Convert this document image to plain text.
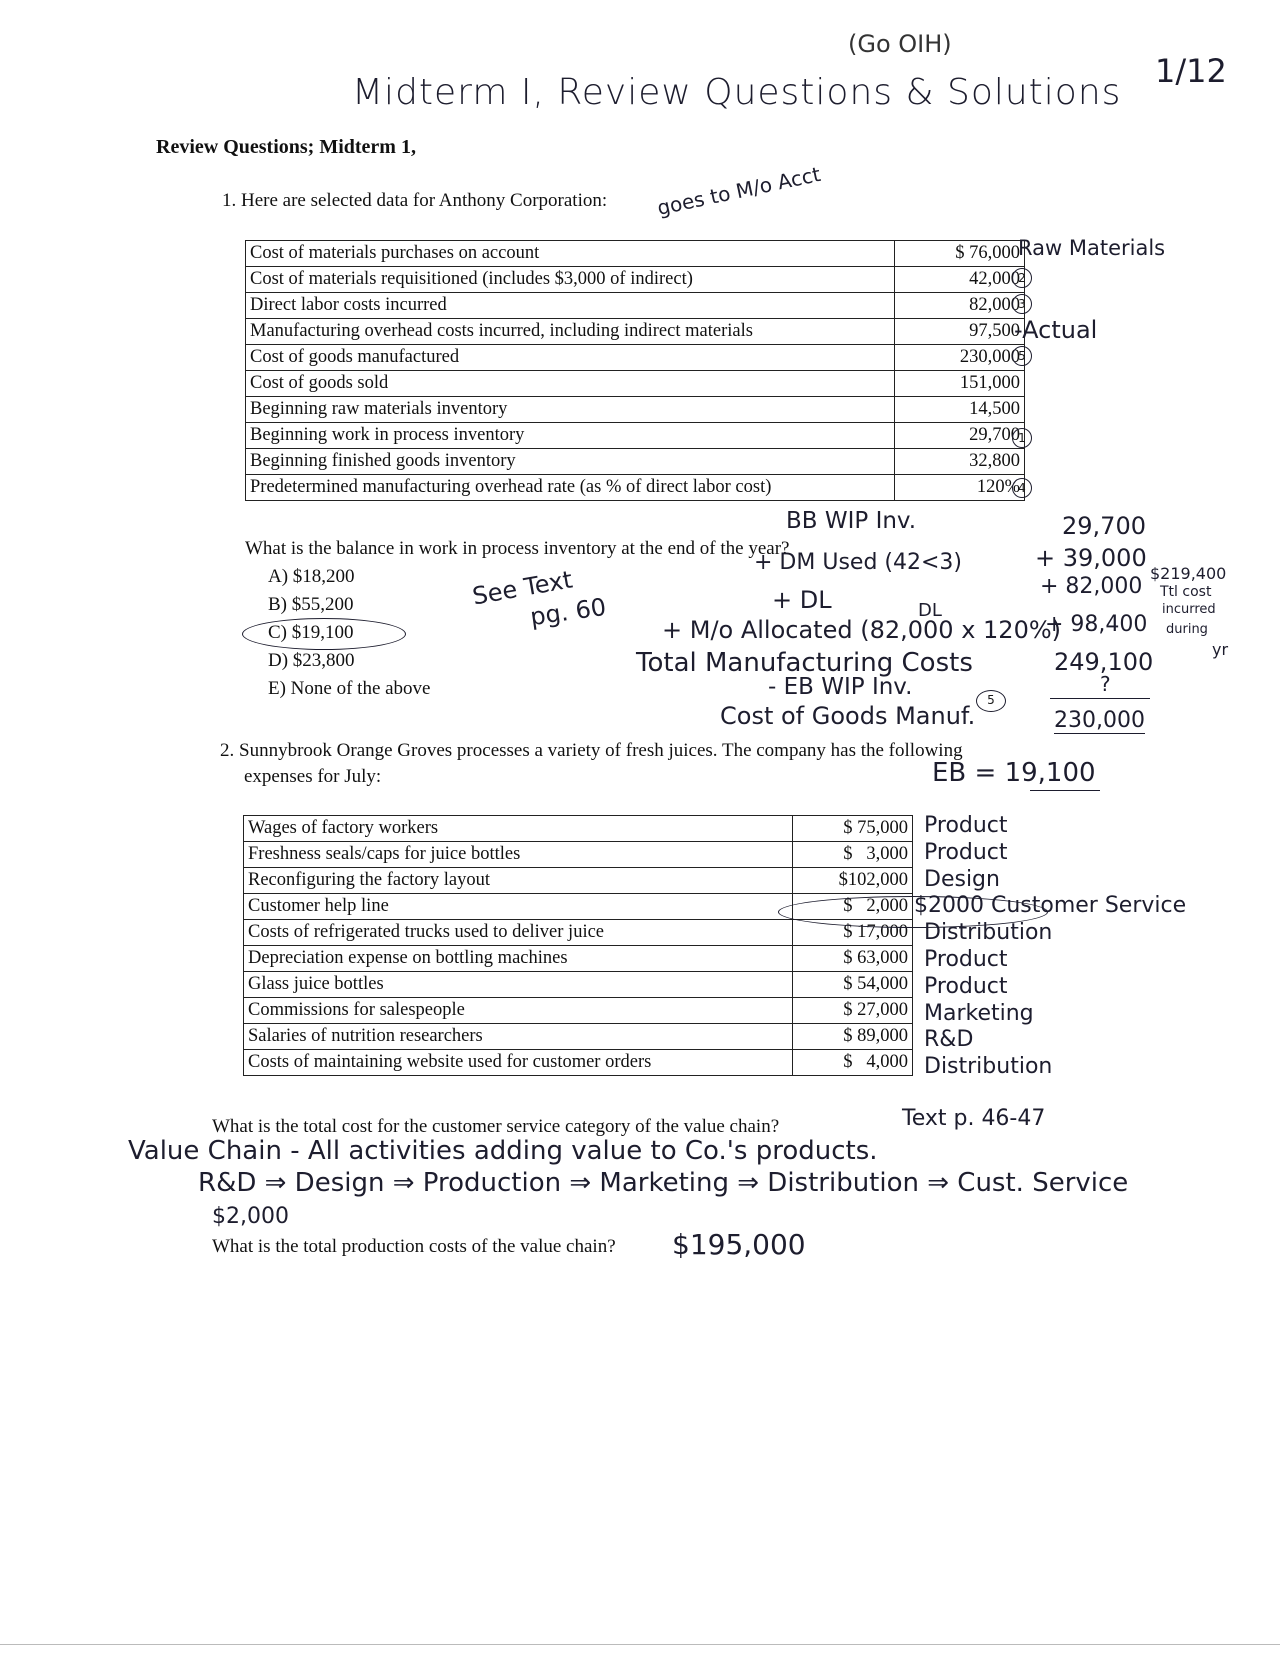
(Go OIH)
Midterm I, Review Questions & Solutions
1/12
Review Questions; Midterm 1,
1. Here are selected data for Anthony Corporation: goes to M/o Acct
Cost of materials purchases on account	$ 76,000
Cost of materials requisitioned (includes $3,000 of indirect)	42,000
Direct labor costs incurred	82,000
Manufacturing overhead costs incurred, including indirect materials	97,500
Cost of goods manufactured	230,000
Cost of goods sold	151,000
Beginning raw materials inventory	14,500
Beginning work in process inventory	29,700
Beginning finished goods inventory	32,800
Predetermined manufacturing overhead rate (as % of direct labor cost)	120%
Raw Materials
2
3
-Actual
5
1
4
What is the balance in work in process inventory at the end of the year?
A) $18,200
B) $55,200
C) $19,100
D) $23,800
E) None of the above
See Text
pg. 60
BB WIP Inv.	29,700
+ DM Used (42<3)	+ 39,000
$219,400
+ DL	+ 82,000 Ttl cost
incurred
DL
+ M/o Allocated (82,000 x 120%)
+ 98,400 during
yr
Total Manufacturing Costs	249,100
- EB WIP Inv.	?
Cost of Goods Manuf.
5
230,000
EB = 19,100
2. Sunnybrook Orange Groves processes a variety of fresh juices. The company has the following
expenses for July:
Wages of factory workers	$ 75,000
Freshness seals/caps for juice bottles	$   3,000
Reconfiguring the factory layout	$102,000
Customer help line	$   2,000
Costs of refrigerated trucks used to deliver juice	$ 17,000
Depreciation expense on bottling machines	$ 63,000
Glass juice bottles	$ 54,000
Commissions for salespeople	$ 27,000
Salaries of nutrition researchers	$ 89,000
Costs of maintaining website used for customer orders	$   4,000
Product
Product
Design
$2000 Customer Service
Distribution
Product
Product
Marketing
R&D
Distribution
What is the total cost for the customer service category of the value chain?	Text p. 46-47
Value Chain - All activities adding value to Co.'s products.
R&D ⇒ Design ⇒ Production ⇒ Marketing ⇒ Distribution ⇒ Cust. Service
$2,000
What is the total production costs of the value chain? $195,000
